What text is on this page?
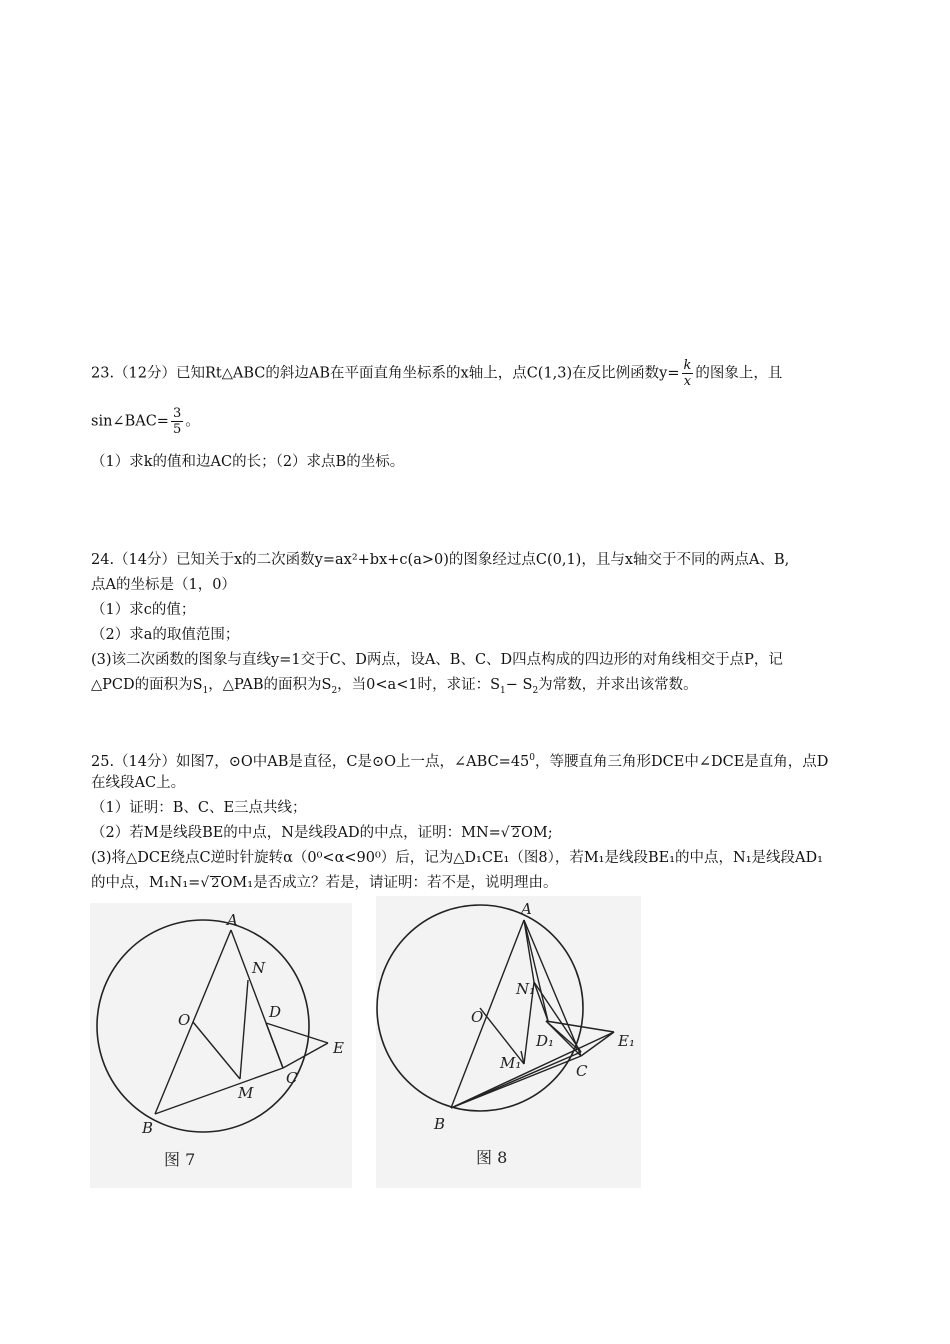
23.（12分）已知Rt△ABC的斜边AB在平面直角坐标系的x轴上，点C(1,3)在反比例函数$y= \frac{k}{x}$ 的图象上，且
sin∠BAC= $\frac{3}{5}$ 。
（1）求k的值和边AC的长；（2）求点B的坐标。
24.（14分）已知关于x的二次函数y=ax²+bx+c(a>0)的图象经过点C(0,1)，且与x轴交于不同的两点A、B,
点A的坐标是（1，0）
（1）求c的值；
（2）求a的取值范围；
(3)该二次函数的图象与直线y=1交于C、D两点，设A、B、C、D四点构成的四边形的对角线相交于点P，记
△PCD的面积为$S_1$，△PAB的面积为$S_2$，当0<a<1时，求证：$S_1- S_2$为常数，并求出该常数。
25.（14分）如图7，⊙O中AB是直径，C是⊙O上一点，$\angle ABC=45^0$，等腰直角三角形DCE中∠DCE是直角，点D
在线段AC上。
（1）证明：B、C、E三点共线；
（2）若M是线段BE的中点，N是线段AD的中点，证明：MN=√ 2OM;
(3)将△DCE绕点C逆时针旋转α（0⁰<α<90⁰）后，记为△D₁CE₁（图8），若M₁是线段BE₁的中点，N₁是线段AD₁
的中点，M₁N₁=√ 2OM₁是否成立？若是，请证明：若不是，说明理由。
A
N
O	D
E
M
C
B
图 7
A
N₁
O
D₁	E₁
M₁	C
B
图 8
